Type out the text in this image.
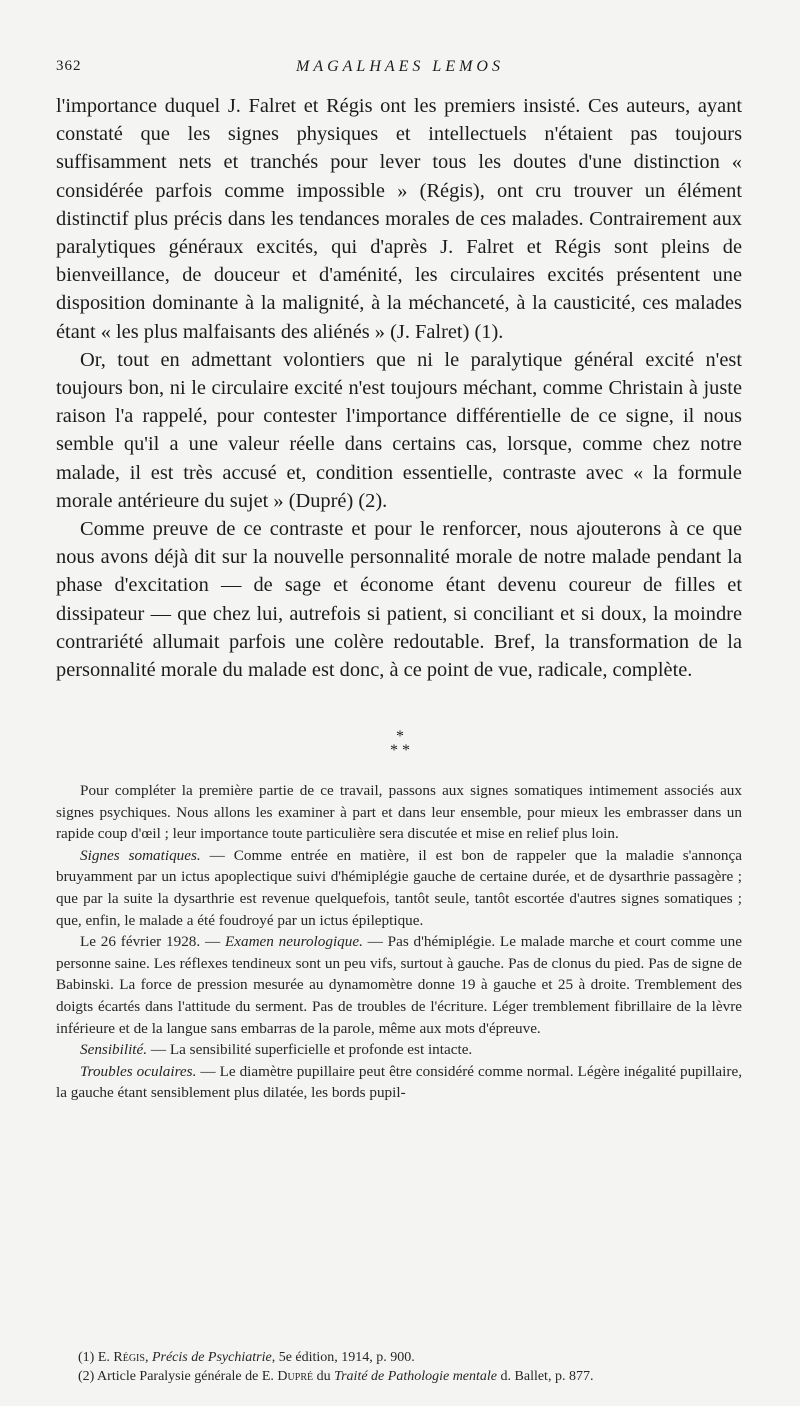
362	MAGALHAES LEMOS

l'importance duquel J. Falret et Régis ont les premiers insisté. Ces auteurs, ayant constaté que les signes physiques et intellectuels n'étaient pas toujours suffisamment nets et tranchés pour lever tous les doutes d'une distinction « considérée parfois comme impossible » (Régis), ont cru trouver un élément distinctif plus précis dans les tendances morales de ces malades. Contrairement aux paralytiques généraux excités, qui d'après J. Falret et Régis sont pleins de bienveillance, de douceur et d'aménité, les circulaires excités présentent une disposition dominante à la malignité, à la méchanceté, à la causticité, ces malades étant « les plus malfaisants des aliénés » (J. Falret) (1).

Or, tout en admettant volontiers que ni le paralytique général excité n'est toujours bon, ni le circulaire excité n'est toujours méchant, comme Christain à juste raison l'a rappelé, pour contester l'importance différentielle de ce signe, il nous semble qu'il a une valeur réelle dans certains cas, lorsque, comme chez notre malade, il est très accusé et, condition essentielle, contraste avec « la formule morale antérieure du sujet » (Dupré) (2).

Comme preuve de ce contraste et pour le renforcer, nous ajouterons à ce que nous avons déjà dit sur la nouvelle personnalité morale de notre malade pendant la phase d'excitation — de sage et économe étant devenu coureur de filles et dissipateur — que chez lui, autrefois si patient, si conciliant et si doux, la moindre contrariété allumait parfois une colère redoutable. Bref, la transformation de la personnalité morale du malade est donc, à ce point de vue, radicale, complète.

*
* *

Pour compléter la première partie de ce travail, passons aux signes somatiques intimement associés aux signes psychiques. Nous allons les examiner à part et dans leur ensemble, pour mieux les embrasser dans un rapide coup d'œil ; leur importance toute particulière sera discutée et mise en relief plus loin.

Signes somatiques. — Comme entrée en matière, il est bon de rappeler que la maladie s'annonça bruyamment par un ictus apoplectique suivi d'hémiplégie gauche de certaine durée, et de dysarthrie passagère ; que par la suite la dysarthrie est revenue quelquefois, tantôt seule, tantôt escortée d'autres signes somatiques ; que, enfin, le malade a été foudroyé par un ictus épileptique.

Le 26 février 1928. — Examen neurologique. — Pas d'hémiplégie. Le malade marche et court comme une personne saine. Les réflexes tendineux sont un peu vifs, surtout à gauche. Pas de clonus du pied. Pas de signe de Babinski. La force de pression mesurée au dynamomètre donne 19 à gauche et 25 à droite. Tremblement des doigts écartés dans l'attitude du serment. Pas de troubles de l'écriture. Léger tremblement fibrillaire de la lèvre inférieure et de la langue sans embarras de la parole, même aux mots d'épreuve.

Sensibilité. — La sensibilité superficielle et profonde est intacte.

Troubles oculaires. — Le diamètre pupillaire peut être considéré comme normal. Légère inégalité pupillaire, la gauche étant sensiblement plus dilatée, les bords pupil-

(1) E. Régis, Précis de Psychiatrie, 5e édition, 1914, p. 900.

(2) Article Paralysie générale de E. Dupré du Traité de Pathologie mentale d. Ballet, p. 877.
